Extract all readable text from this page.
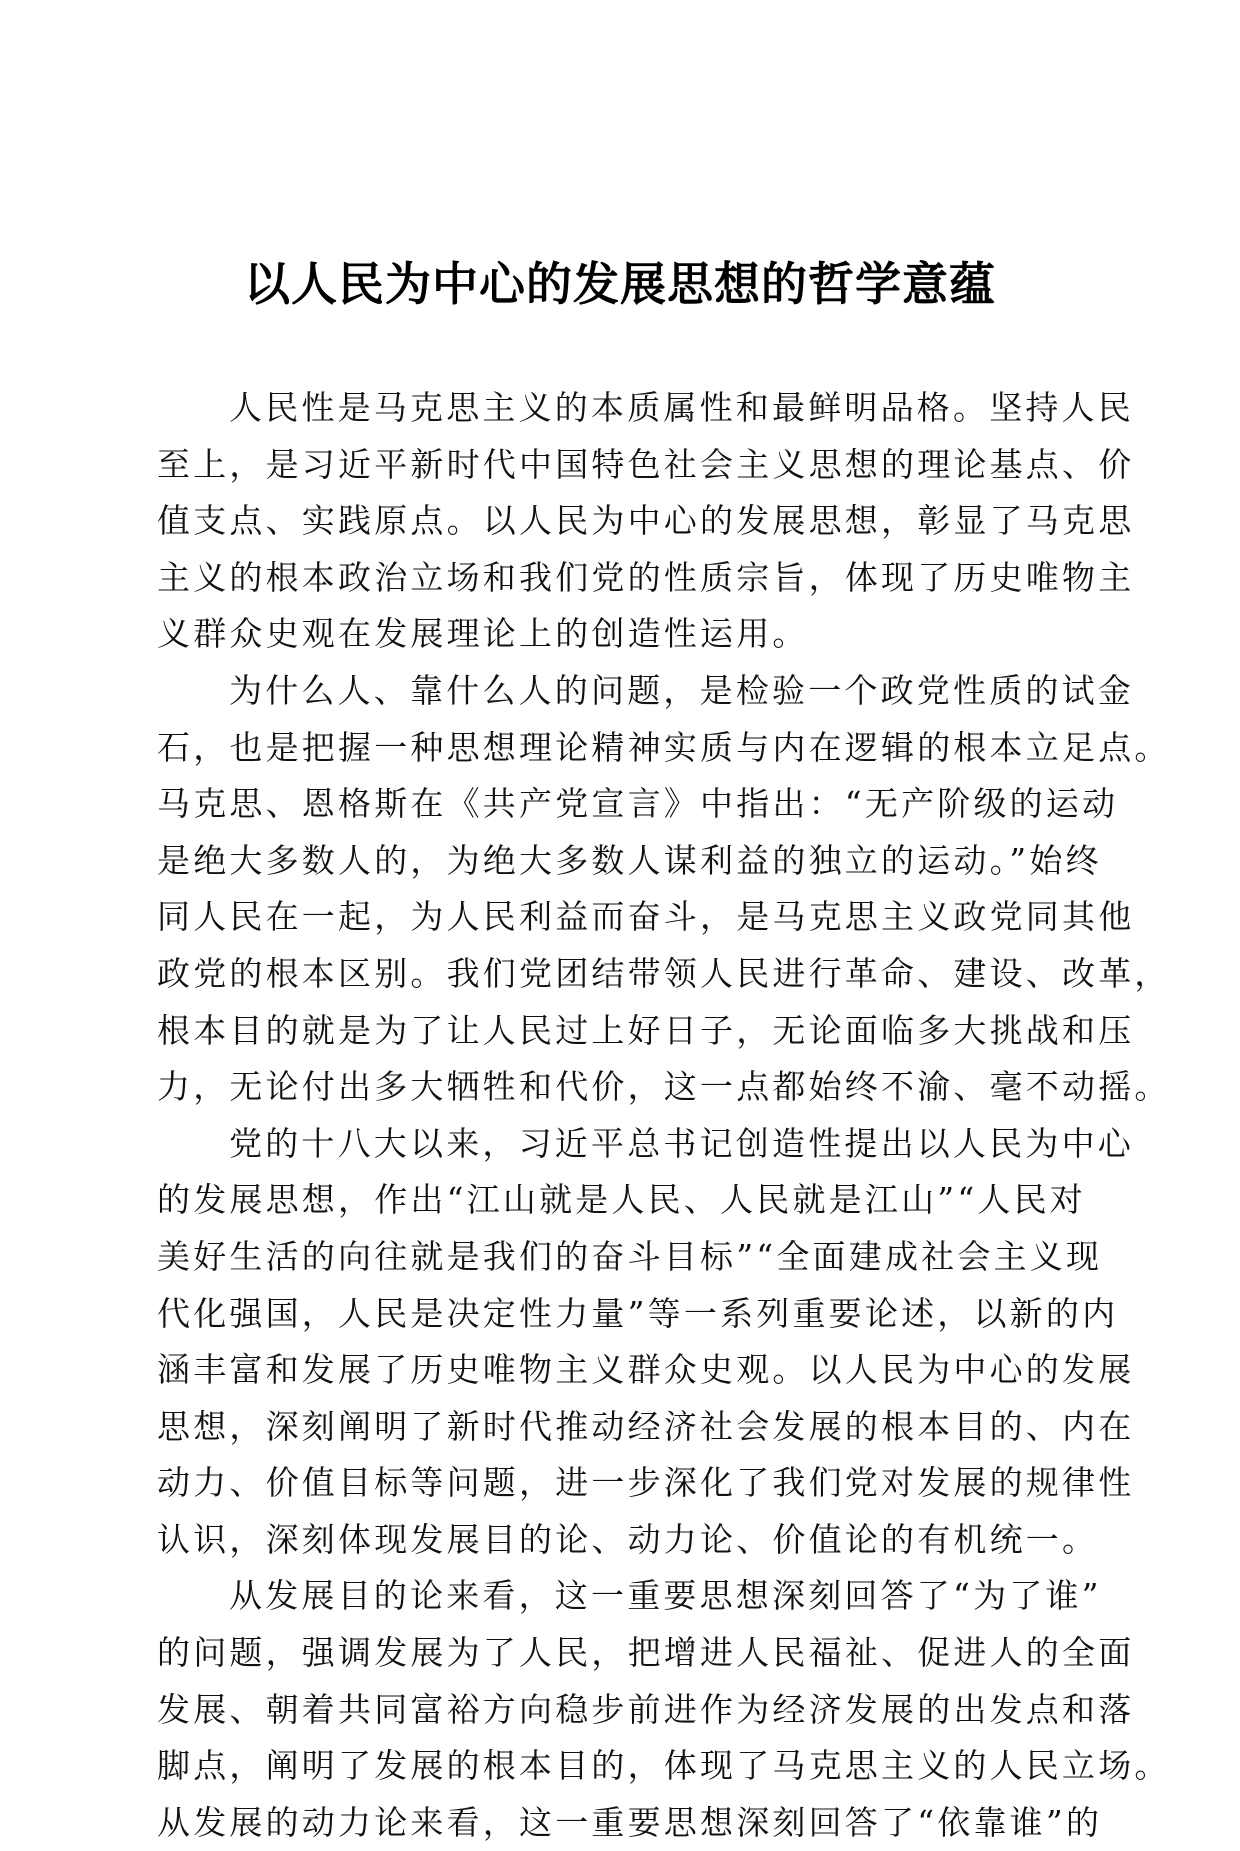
以人民为中心的发展思想的哲学意蕴

人民性是马克思主义的本质属性和最鲜明品格。坚持人民
至上，是习近平新时代中国特色社会主义思想的理论基点、价
值支点、实践原点。以人民为中心的发展思想，彰显了马克思
主义的根本政治立场和我们党的性质宗旨，体现了历史唯物主
义群众史观在发展理论上的创造性运用。

为什么人、靠什么人的问题，是检验一个政党性质的试金
石，也是把握一种思想理论精神实质与内在逻辑的根本立足点。
马克思、恩格斯在《共产党宣言》中指出：“无产阶级的运动
是绝大多数人的，为绝大多数人谋利益的独立的运动。”始终
同人民在一起，为人民利益而奋斗，是马克思主义政党同其他
政党的根本区别。我们党团结带领人民进行革命、建设、改革，
根本目的就是为了让人民过上好日子，无论面临多大挑战和压
力，无论付出多大牺牲和代价，这一点都始终不渝、毫不动摇。

党的十八大以来，习近平总书记创造性提出以人民为中心
的发展思想，作出“江山就是人民、人民就是江山”“人民对
美好生活的向往就是我们的奋斗目标”“全面建成社会主义现
代化强国，人民是决定性力量”等一系列重要论述，以新的内
涵丰富和发展了历史唯物主义群众史观。以人民为中心的发展
思想，深刻阐明了新时代推动经济社会发展的根本目的、内在
动力、价值目标等问题，进一步深化了我们党对发展的规律性
认识，深刻体现发展目的论、动力论、价值论的有机统一。

从发展目的论来看，这一重要思想深刻回答了“为了谁”
的问题，强调发展为了人民，把增进人民福祉、促进人的全面
发展、朝着共同富裕方向稳步前进作为经济发展的出发点和落
脚点，阐明了发展的根本目的，体现了马克思主义的人民立场。
从发展的动力论来看，这一重要思想深刻回答了“依靠谁”的
